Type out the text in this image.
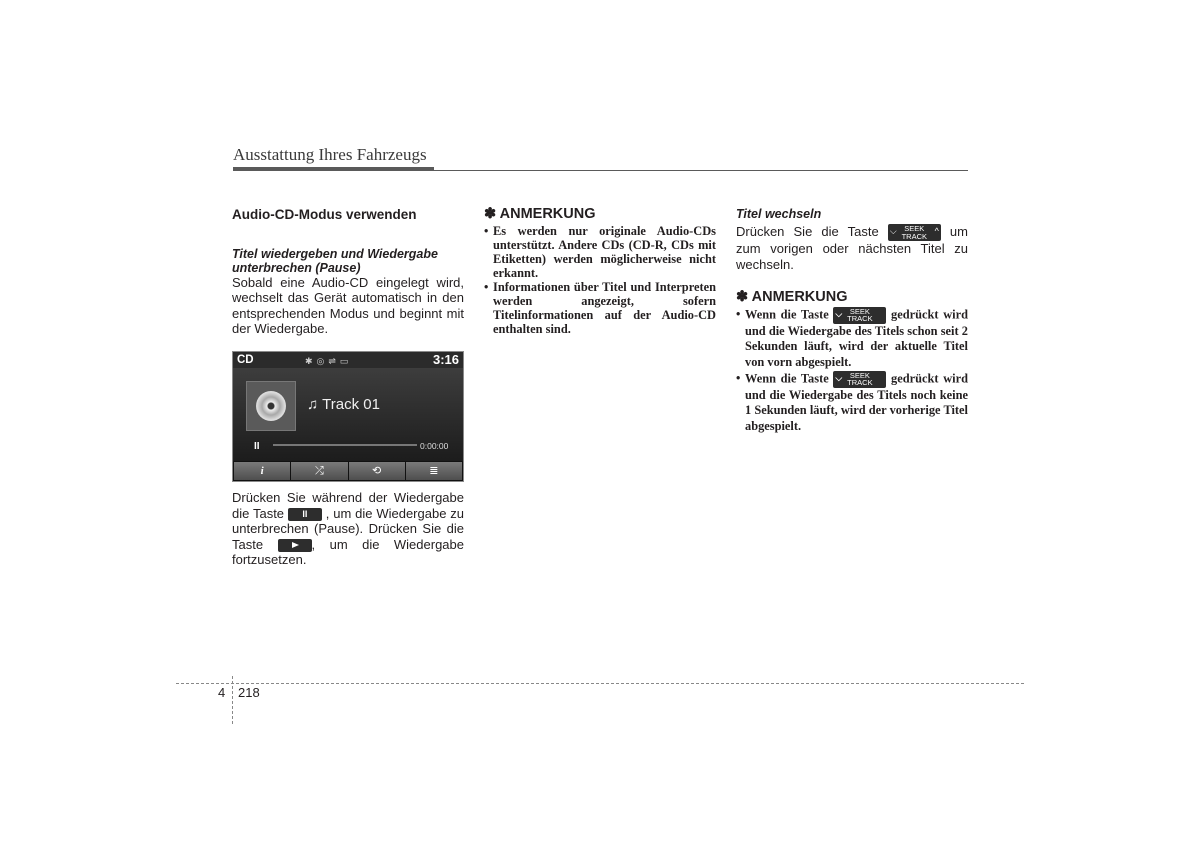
Ausstattung Ihres Fahrzeugs
Audio-CD-Modus verwenden
Titel wiedergeben und Wiedergabe unterbrechen (Pause)

Sobald eine Audio-CD eingelegt wird, wechselt das Gerät automatisch in den entsprechenden Modus und beginnt mit der Wiedergabe.

CD	✱◎⇌▭	3:16
♫ Track 01
II	0:00:00
i	⤮	⟲	≣

Drücken Sie während der Wiedergabe die Taste II , um die Wiedergabe zu unterbrechen (Pause). Drücken Sie die Taste	, um die Wiedergabe fortzusetzen.

✽ ANMERKUNG
• Es werden nur originale Audio-CDs unterstützt. Andere CDs (CD-R, CDs mit Etiketten) werden möglicherweise nicht erkannt.
• Informationen über Titel und Interpreten werden angezeigt, sofern Titelinformationen auf der Audio-CD enthalten sind.
Titel wechseln

Drücken Sie die Taste ⌵	SEEK
TRACK ^ um zum vorigen oder nächsten Titel zu wechseln.

✽ ANMERKUNG
• Wenn die Taste ⌵	SEEK
TRACK	gedrückt wird und die Wiedergabe des Titels schon seit 2 Sekunden läuft, wird der aktuelle Titel von vorn abgespielt.
• Wenn die Taste ⌵	SEEK
TRACK	gedrückt wird und die Wiedergabe des Titels noch keine 1 Sekunden läuft, wird der vorherige Titel abgespielt.
4 218
